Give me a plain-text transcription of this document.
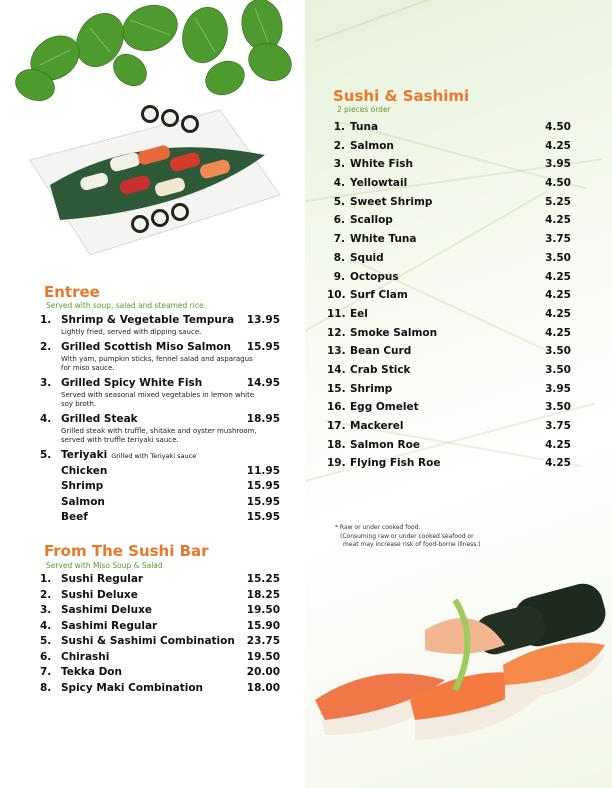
Entree
Served with soup, salad and steamed rice.
1. Shrimp & Vegetable Tempura 13.95
Lightly fried, served with dipping sauce.
2. Grilled Scottish Miso Salmon 15.95
With yam, pumpkin sticks, fennel salad and asparagus for miso sauce.
3. Grilled Spicy White Fish	14.95
Served with seasonal mixed vegetables in lemon white soy broth.
4. Grilled Steak	18.95
Grilled steak with truffle, shitake and oyster mushroom, served with truffle teriyaki sauce.
5. Teriyaki Grilled with Teriyaki sauce
Chicken	11.95
Shrimp	15.95
Salmon	15.95
Beef	15.95
From The Sushi Bar
Served with Miso Soup & Salad
1. Sushi Regular	15.25
2. Sushi Deluxe	18.25
3. Sashimi Deluxe	19.50
4. Sashimi Regular	15.90
5. Sushi & Sashimi Combination 23.75
6. Chirashi	19.50
7. Tekka Don	20.00
8. Spicy Maki Combination	18.00
Sushi & Sashimi
2 pieces order
1. Tuna	4.50
2. Salmon	4.25
3. White Fish	3.95
4. Yellowtail	4.50
5. Sweet Shrimp	5.25
6. Scallop	4.25
7. White Tuna	3.75
8. Squid	3.50
9. Octopus	4.25
10. Surf Clam	4.25
11. Eel	4.25
12. Smoke Salmon	4.25
13. Bean Curd	3.50
14. Crab Stick	3.50
15. Shrimp	3.95
16. Egg Omelet	3.50
17. Mackerel	3.75
18. Salmon Roe	4.25
19. Flying Fish Roe	4.25
* Raw or under cooked food.
(Consuming raw or under cooked seafood or
meat may increase risk of food-borne illness.)
